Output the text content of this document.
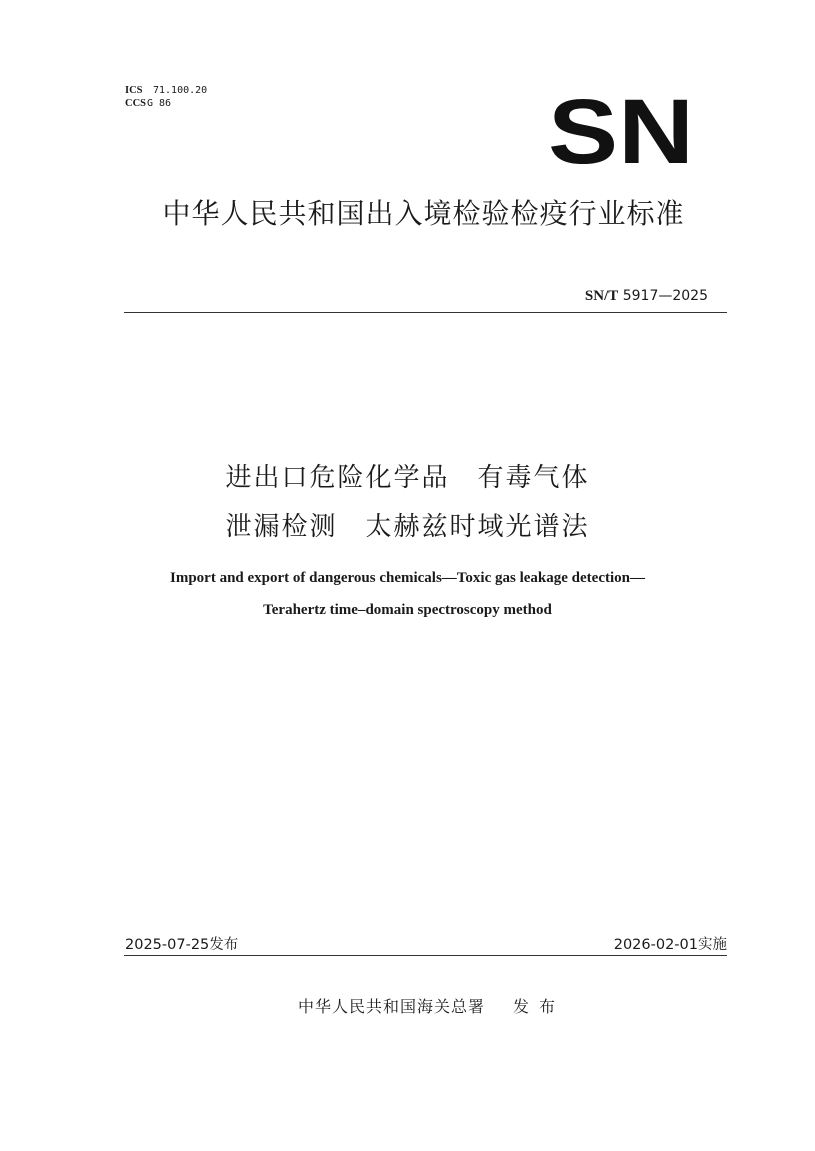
ICS 71.100.20
CCSG 86	SN
中华人民共和国出入境检验检疫行业标准
SN/T 5917—2025
进出口危险化学品　有毒气体
泄漏检测　太赫兹时域光谱法
Import and export of dangerous chemicals—Toxic gas leakage detection—
Terahertz time–domain spectroscopy method
2025-07-25发布	2026-02-01实施
中华人民共和国海关总署 发布
